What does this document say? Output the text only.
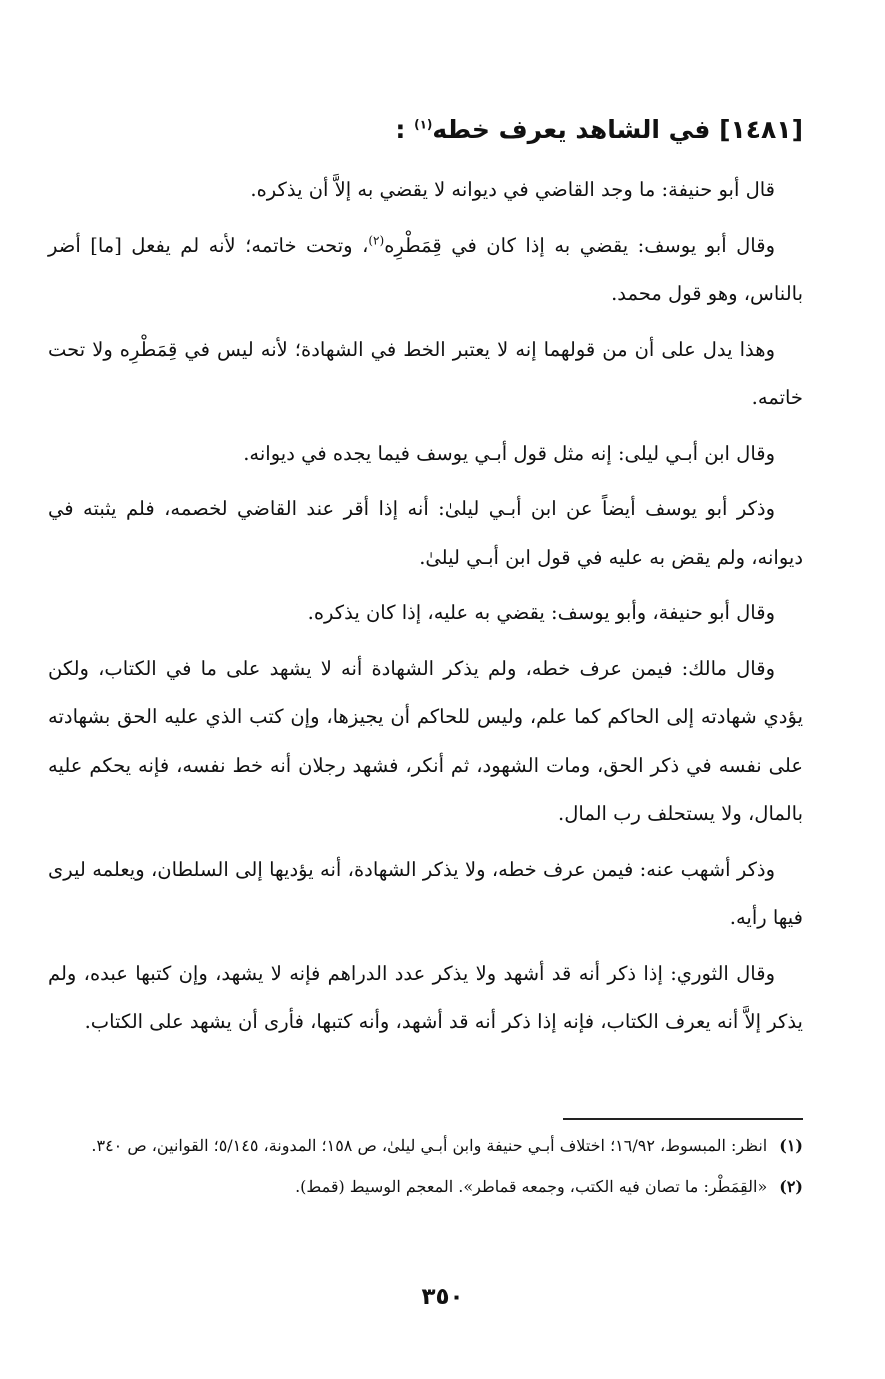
[١٤٨١] في الشاهد يعرف خطه$^{(١)}$ :

قال أبو حنيفة: ما وجد القاضي في ديوانه لا يقضي به إلاَّ أن يذكره.

وقال أبو يوسف: يقضي به إذا كان في قِمَطْرِه$^{(٢)}$، وتحت خاتمه؛ لأنه لم يفعل [ما] أضر بالناس، وهو قول محمد.

وهذا يدل على أن من قولهما إنه لا يعتبر الخط في الشهادة؛ لأنه ليس في قِمَطْرِه ولا تحت خاتمه.

وقال ابن أبـي ليلى: إنه مثل قول أبـي يوسف فيما يجده في ديوانه.

وذكر أبو يوسف أيضاً عن ابن أبـي ليلىٰ: أنه إذا أقر عند القاضي لخصمه، فلم يثبته في ديوانه، ولم يقض به عليه في قول ابن أبـي ليلىٰ.

وقال أبو حنيفة، وأبو يوسف: يقضي به عليه، إذا كان يذكره.

وقال مالك: فيمن عرف خطه، ولم يذكر الشهادة أنه لا يشهد على ما في الكتاب، ولكن يؤدي شهادته إلى الحاكم كما علم، وليس للحاكم أن يجيزها، وإن كتب الذي عليه الحق بشهادته على نفسه في ذكر الحق، ومات الشهود، ثم أنكر، فشهد رجلان أنه خط نفسه، فإنه يحكم عليه بالمال، ولا يستحلف رب المال.

وذكر أشهب عنه: فيمن عرف خطه، ولا يذكر الشهادة، أنه يؤديها إلى السلطان، ويعلمه ليرى فيها رأيه.

وقال الثوري: إذا ذكر أنه قد أشهد ولا يذكر عدد الدراهم فإنه لا يشهد، وإن كتبها عبده، ولم يذكر إلاَّ أنه يعرف الكتاب، فإنه إذا ذكر أنه قد أشهد، وأنه كتبها، فأرى أن يشهد على الكتاب.

(١)انظر: المبسوط، ١٦/٩٢؛ اختلاف أبـي حنيفة وابن أبـي ليلىٰ، ص ١٥٨؛ المدونة، ٥/١٤٥؛ القوانين، ص ٣٤٠.

(٢)«القِمَطْر: ما تصان فيه الكتب، وجمعه قماطر». المعجم الوسيط (قمط).

٣٥٠
